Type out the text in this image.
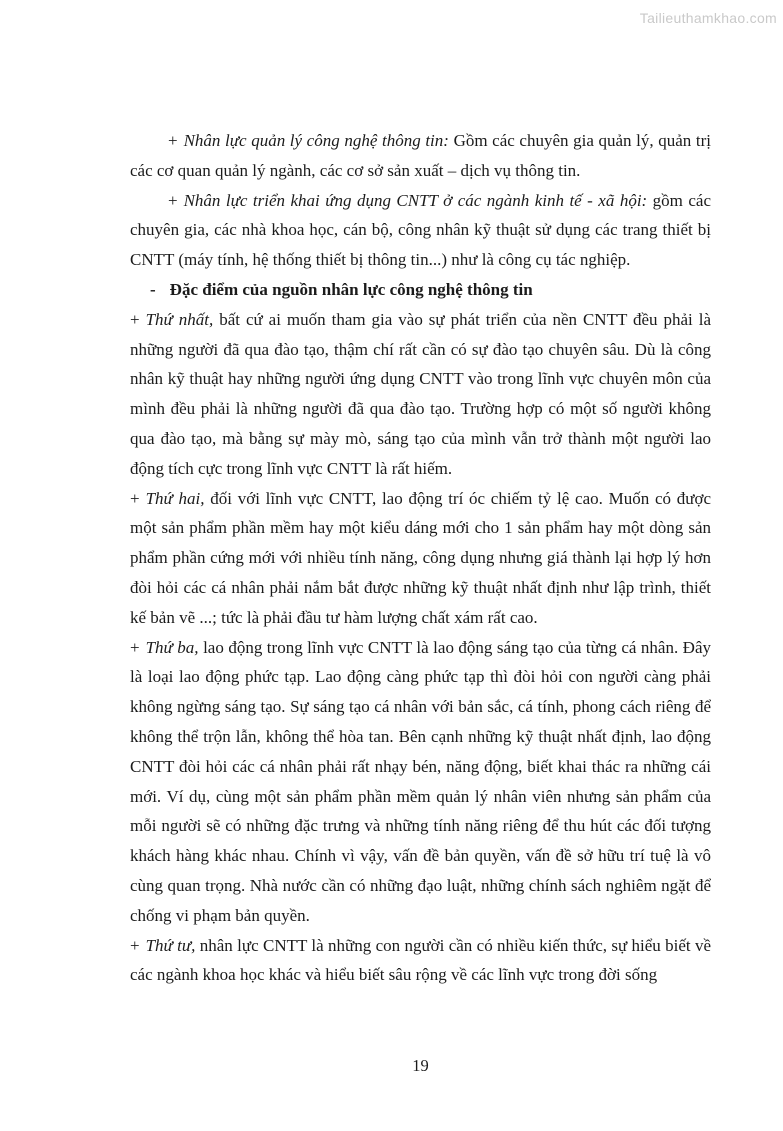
Tailieuthamkhao.com

+ Nhân lực quản lý công nghệ thông tin: Gồm các chuyên gia quản lý, quản trị các cơ quan quản lý ngành, các cơ sở sản xuất – dịch vụ thông tin.

+ Nhân lực triển khai ứng dụng CNTT ở các ngành kinh tế - xã hội: gồm các chuyên gia, các nhà khoa học, cán bộ, công nhân kỹ thuật sử dụng các trang thiết bị CNTT (máy tính, hệ thống thiết bị thông tin...) như là công cụ tác nghiệp.

- Đặc điểm của nguồn nhân lực công nghệ thông tin

+ Thứ nhất, bất cứ ai muốn tham gia vào sự phát triển của nền CNTT đều phải là những người đã qua đào tạo, thậm chí rất cần có sự đào tạo chuyên sâu. Dù là công nhân kỹ thuật hay những người ứng dụng CNTT vào trong lĩnh vực chuyên môn của mình đều phải là những người đã qua đào tạo. Trường hợp có một số người không qua đào tạo, mà bằng sự mày mò, sáng tạo của mình vẫn trở thành một người lao động tích cực trong lĩnh vực CNTT là rất hiếm.

+ Thứ hai, đối với lĩnh vực CNTT, lao động trí óc chiếm tỷ lệ cao. Muốn có được một sản phẩm phần mềm hay một kiểu dáng mới cho 1 sản phẩm hay một dòng sản phẩm phần cứng mới với nhiều tính năng, công dụng nhưng giá thành lại hợp lý hơn đòi hỏi các cá nhân phải nắm bắt được những kỹ thuật nhất định như lập trình, thiết kế bản vẽ ...; tức là phải đầu tư hàm lượng chất xám rất cao.

+ Thứ ba, lao động trong lĩnh vực CNTT là lao động sáng tạo của từng cá nhân. Đây là loại lao động phức tạp. Lao động càng phức tạp thì đòi hỏi con người càng phải không ngừng sáng tạo. Sự sáng tạo cá nhân với bản sắc, cá tính, phong cách riêng để không thể trộn lẫn, không thể hòa tan. Bên cạnh những kỹ thuật nhất định, lao động CNTT đòi hỏi các cá nhân phải rất nhạy bén, năng động, biết khai thác ra những cái mới. Ví dụ, cùng một sản phẩm phần mềm quản lý nhân viên nhưng sản phẩm của mỗi người sẽ có những đặc trưng và những tính năng riêng để thu hút các đối tượng khách hàng khác nhau. Chính vì vậy, vấn đề bản quyền, vấn đề sở hữu trí tuệ là vô cùng quan trọng. Nhà nước cần có những đạo luật, những chính sách nghiêm ngặt để chống vi phạm bản quyền.

+ Thứ tư, nhân lực CNTT là những con người cần có nhiều kiến thức, sự hiểu biết về các ngành khoa học khác và hiểu biết sâu rộng về các lĩnh vực trong đời sống

19
